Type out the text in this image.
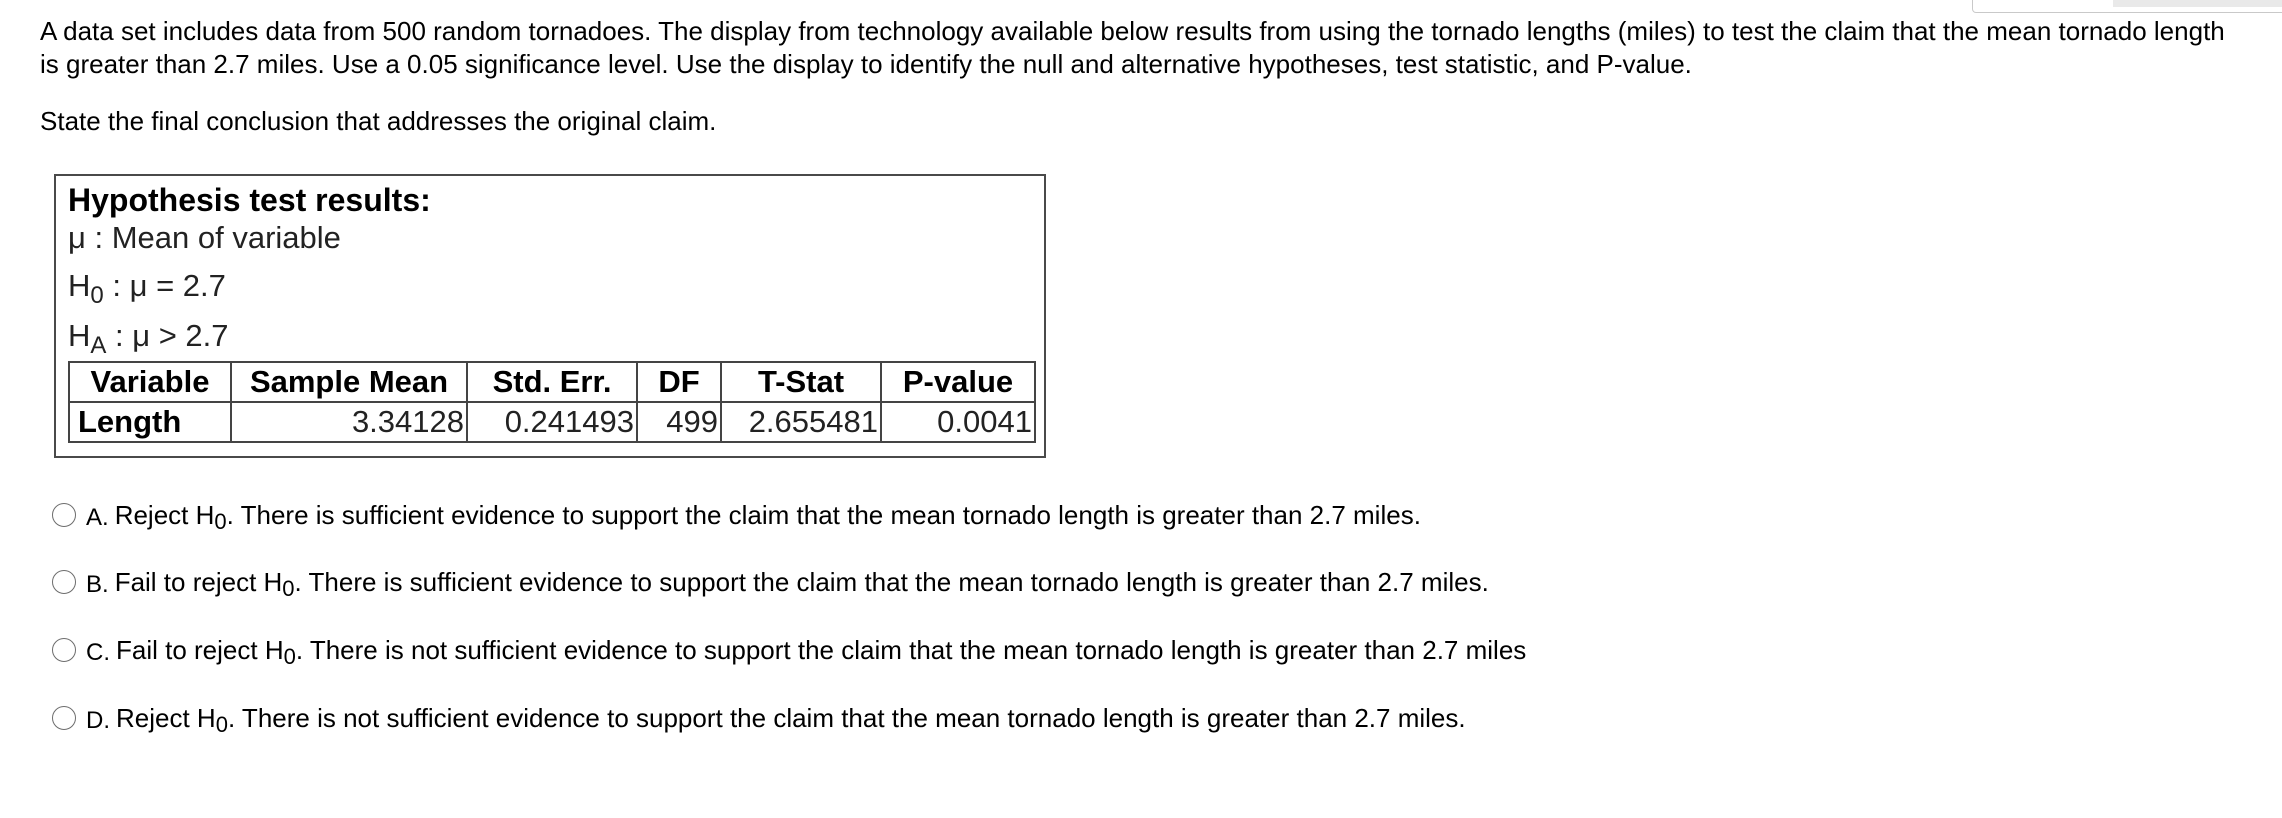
A data set includes data from 500 random tornadoes. The display from technology available below results from using the tornado lengths (miles) to test the claim that the mean tornado length is greater than 2.7 miles. Use a 0.05 significance level. Use the display to identify the null and alternative hypotheses, test statistic, and P-value.

State the final conclusion that addresses the original claim.

Hypothesis test results:
μ : Mean of variable
$H_0$ : μ = 2.7
$H_A$ : μ > 2.7
Variable	Sample Mean	Std. Err.	DF	T-Stat	P-value
Length	3.34128	0.241493	499	2.655481	0.0041
A. Reject $H_0$. There is sufficient evidence to support the claim that the mean tornado length is greater than 2.7 miles.
B. Fail to reject $H_0$. There is sufficient evidence to support the claim that the mean tornado length is greater than 2.7 miles.
C. Fail to reject $H_0$. There is not sufficient evidence to support the claim that the mean tornado length is greater than 2.7 miles
D. Reject $H_0$. There is not sufficient evidence to support the claim that the mean tornado length is greater than 2.7 miles.
